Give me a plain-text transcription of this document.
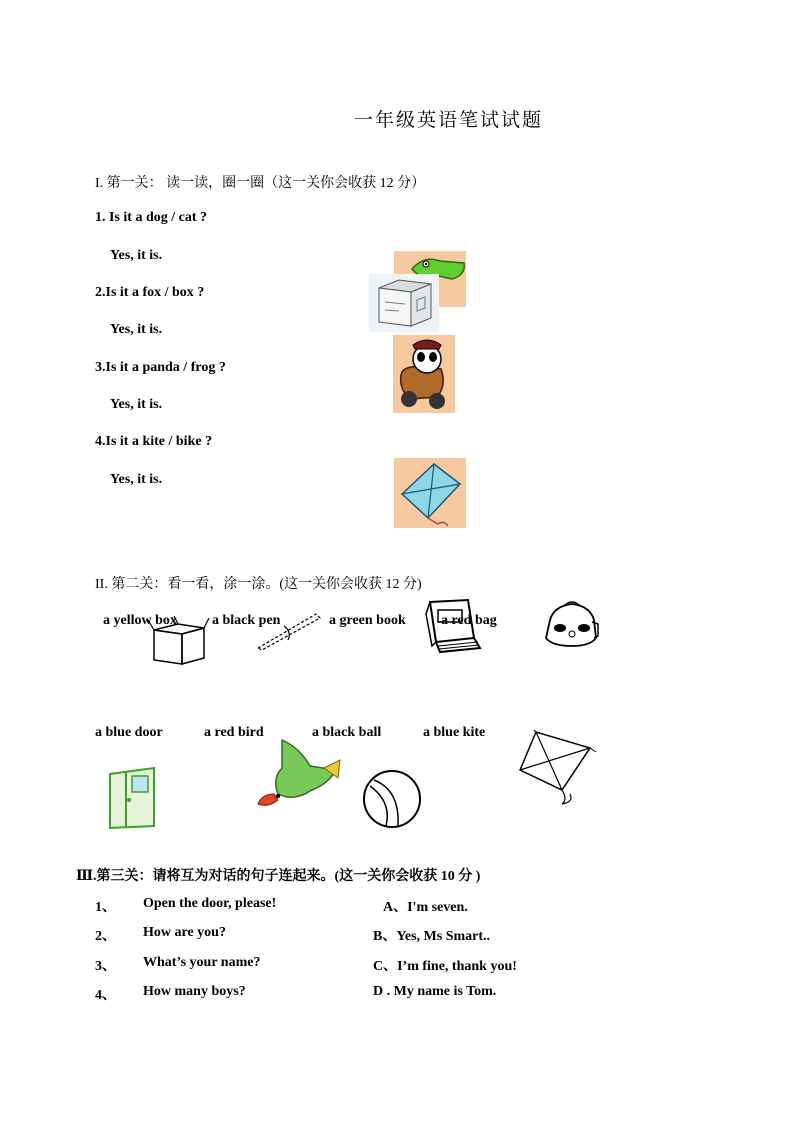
一年级英语笔试试题
I. 第一关： 读一读，圈一圈（这一关你会收获 12 分）
1. Is it a dog / cat ?
Yes, it is.
2.Is it a fox / box ?
Yes, it is.
3.Is it a panda / frog ?
Yes, it is.
4.Is it a kite / bike ?
Yes, it is.
II. 第二关：看一看，涂一涂。(这一关你会收获 12 分)
a yellow box	a black pen	a green book	a red bag
a blue door	a red bird	a black ball	a blue kite
Ⅲ.第三关：请将互为对话的句子连起来。(这一关你会收获 10 分 )
1、 Open the door, please!	A、I'm seven.
2、 How are you?	B、Yes, Ms Smart..
3、 What’s your name?	C、I’m fine, thank you!
4、 How many boys?	D . My name is Tom.
